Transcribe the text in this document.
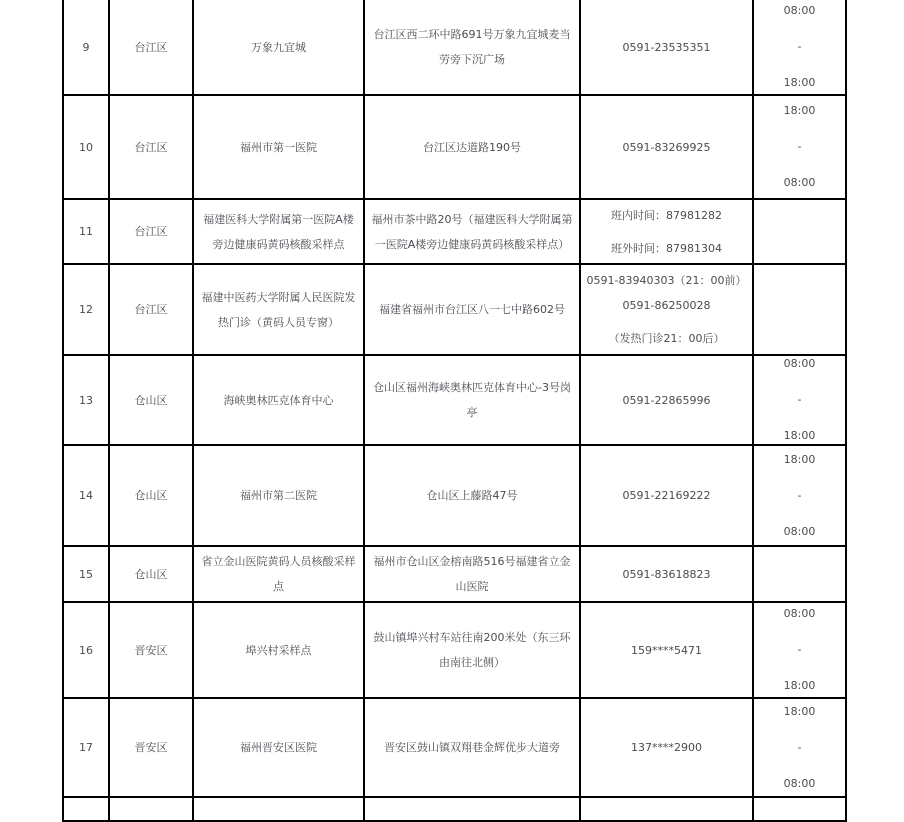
9	台江区	万象九宜城	台江区西二环中路691号万象九宜城麦当劳旁下沉广场	0591-23535351	08:00
-
18:00

10	台江区	福州市第一医院	台江区达道路190号	0591-83269925	18:00
-
08:00

11	台江区	福建医科大学附属第一医院A楼旁边健康码黄码核酸采样点	福州市茶中路20号（福建医科大学附属第一医院A楼旁边健康码黄码核酸采样点）	班内时间：87981282
班外时间：87981304	

12	台江区	福建中医药大学附属人民医院发热门诊（黄码人员专窗）	福建省福州市台江区八一七中路602号	0591-83940303（21：00前）0591-86250028
（发热门诊21：00后）	

13	仓山区	海峡奥林匹克体育中心	仓山区福州海峡奥林匹克体育中心-3号岗亭	0591-22865996	08:00
-
18:00

14	仓山区	福州市第二医院	仓山区上藤路47号	0591-22169222	18:00
-
08:00

15	仓山区	省立金山医院黄码人员核酸采样点	福州市仓山区金榕南路516号福建省立金山医院	0591-83618823	

16	晋安区	埠兴村采样点	鼓山镇埠兴村车站往南200米处（东三环由南往北侧）	159****5471	08:00
-
18:00

17	晋安区	福州晋安区医院	晋安区鼓山镇双翔巷金辉优步大道旁	137****2900	18:00
-
08:00
